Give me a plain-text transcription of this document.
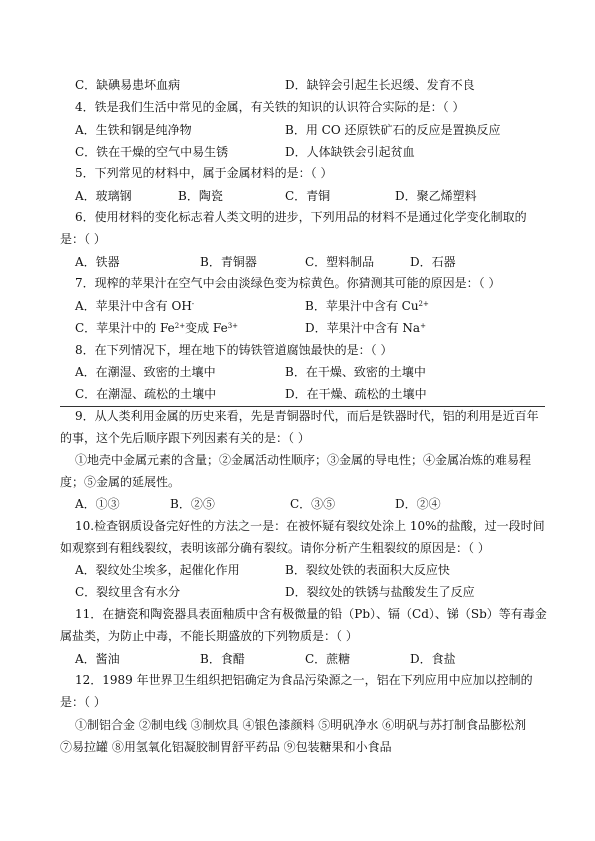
C．缺碘易患坏血病	D．缺锌会引起生长迟缓、发育不良
4．铁是我们生活中常见的金属，有关铁的知识的认识符合实际的是：（ ）
A．生铁和钢是纯净物	B．用 CO 还原铁矿石的反应是置换反应
C．铁在干燥的空气中易生锈	D．人体缺铁会引起贫血
5．下列常见的材料中，属于金属材料的是：（ ）
A．玻璃钢	B．陶瓷	C．青铜	D．聚乙烯塑料
6．使用材料的变化标志着人类文明的进步，下列用品的材料不是通过化学变化制取的
是：（ ）
A．铁器	B．青铜器	C．塑料制品	D．石器
7．现榨的苹果汁在空气中会由淡绿色变为棕黄色。你猜测其可能的原因是：（ ）
A．苹果汁中含有 OH-	B．苹果汁中含有 $Cu^{2+}$
C．苹果汁中的 $Fe^{2+}$变成 $Fe^{3+}$	D．苹果汁中含有 Na+
8．在下列情况下，埋在地下的铸铁管道腐蚀最快的是：（ ）
A．在潮湿、致密的土壤中	B．在干燥、致密的土壤中
C．在潮湿、疏松的土壤中	D．在干燥、疏松的土壤中
9．从人类利用金属的历史来看，先是青铜器时代，而后是铁器时代，铝的利用是近百年
的事，这个先后顺序跟下列因素有关的是：（ ）
①地壳中金属元素的含量；②金属活动性顺序；③金属的导电性；④金属冶炼的难易程
度；⑤金属的延展性。
A．①③	B．②⑤	C．③⑤	D．②④
10.检查钢质设备完好性的方法之一是：在被怀疑有裂纹处涂上 10%的盐酸，过一段时间
如观察到有粗线裂纹，表明该部分确有裂纹。请你分析产生粗裂纹的原因是：（ ）
A．裂纹处尘埃多，起催化作用	B．裂纹处铁的表面积大反应快
C．裂纹里含有水分	D．裂纹处的铁锈与盐酸发生了反应
11．在搪瓷和陶瓷器具表面釉质中含有极微量的铅（Pb）、镉（Cd）、锑（Sb）等有毒金
属盐类，为防止中毒，不能长期盛放的下列物质是：（ ）
A．酱油	B．食醋	C．蔗糖	D．食盐
12．1989 年世界卫生组织把铝确定为食品污染源之一，铝在下列应用中应加以控制的
是：（ ）
①制铝合金 ②制电线 ③制炊具 ④银色漆颜料 ⑤明矾净水 ⑥明矾与苏打制食品膨松剂
⑦易拉罐 ⑧用氢氧化铝凝胶制胃舒平药品 ⑨包装糖果和小食品
